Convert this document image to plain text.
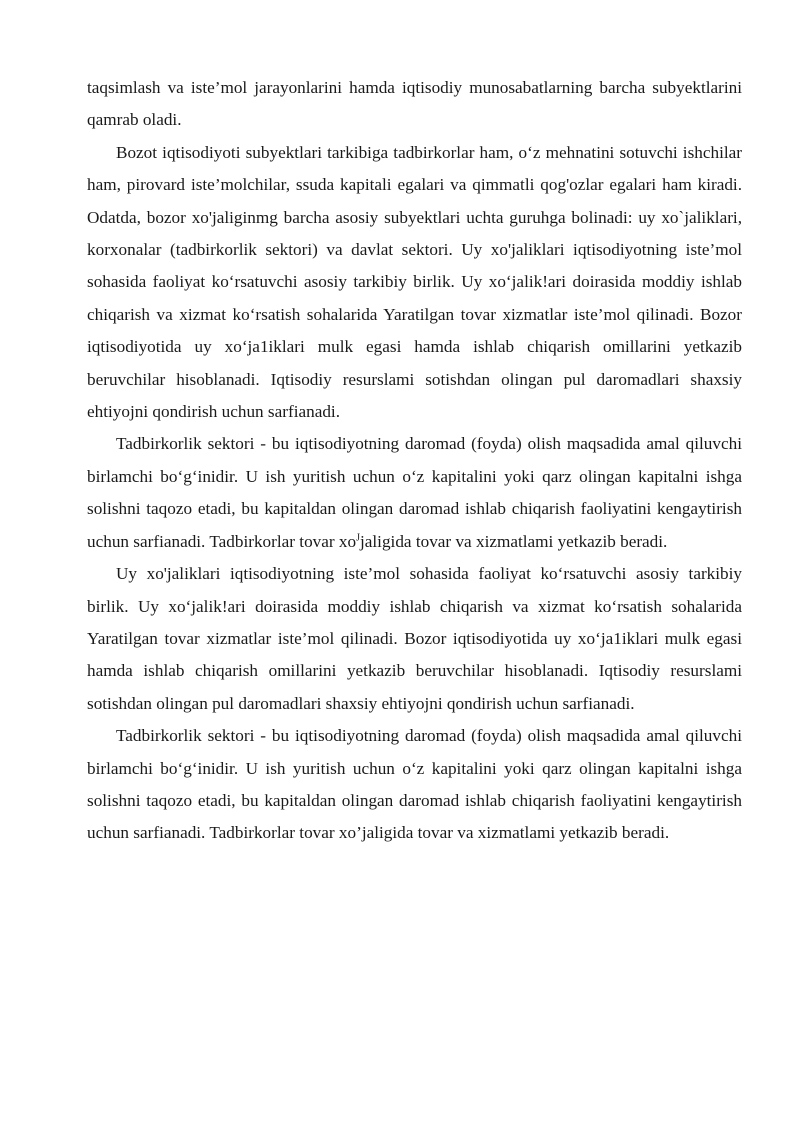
taqsimlash va iste’mol jarayonlarini hamda iqtisodiy munosabatlarning barcha subyektlarini qamrab oladi.

Bozot iqtisodiyoti subyektlari tarkibiga tadbirkorlar ham, o‘z mehnatini sotuvchi ishchilar ham, pirovard iste’molchilar, ssuda kapitali egalari va qimmatli qog'ozlar egalari ham kiradi. Odatda, bozor xo'jaliginmg barcha asosiy subyektlari uchta guruhga bolinadi: uy xo`jaliklari, korxonalar (tadbirkorlik sektori) va davlat sektori. Uy xo'jaliklari iqtisodiyotning iste’mol sohasida faoliyat ko‘rsatuvchi asosiy tarkibiy birlik. Uy xo‘jalik!ari doirasida moddiy ishlab chiqarish va xizmat ko‘rsatish sohalarida Yaratilgan tovar xizmatlar iste’mol qilinadi. Bozor iqtisodiyotida uy xo‘ja1iklari mulk egasi hamda ishlab chiqarish omillarini yetkazib beruvchilar hisoblanadi. Iqtisodiy resurslami sotishdan olingan pul daromadlari shaxsiy ehtiyojni qondirish uchun sarfianadi.

Tadbirkorlik sektori - bu iqtisodiyotning daromad (foyda) olish maqsadida amal qiluvchi birlamchi bo‘g‘inidir. U ish yuritish uchun o‘z kapitalini yoki qarz olingan kapitalni ishga solishni taqozo etadi, bu kapitaldan olingan daromad ishlab chiqarish faoliyatini kengaytirish uchun sarfianadi. Tadbirkorlar tovar $xo^Jjaligida$ tovar va xizmatlami yetkazib beradi.

Uy xo'jaliklari iqtisodiyotning iste’mol sohasida faoliyat ko‘rsatuvchi asosiy tarkibiy birlik. Uy xo‘jalik!ari doirasida moddiy ishlab chiqarish va xizmat ko‘rsatish sohalarida Yaratilgan tovar xizmatlar iste’mol qilinadi. Bozor iqtisodiyotida uy xo‘ja1iklari mulk egasi hamda ishlab chiqarish omillarini yetkazib beruvchilar hisoblanadi. Iqtisodiy resurslami sotishdan olingan pul daromadlari shaxsiy ehtiyojni qondirish uchun sarfianadi.

Tadbirkorlik sektori - bu iqtisodiyotning daromad (foyda) olish maqsadida amal qiluvchi birlamchi bo‘g‘inidir. U ish yuritish uchun o‘z kapitalini yoki qarz olingan kapitalni ishga solishni taqozo etadi, bu kapitaldan olingan daromad ishlab chiqarish faoliyatini kengaytirish uchun sarfianadi. Tadbirkorlar tovar xo’jaligida tovar va xizmatlami yetkazib beradi.
